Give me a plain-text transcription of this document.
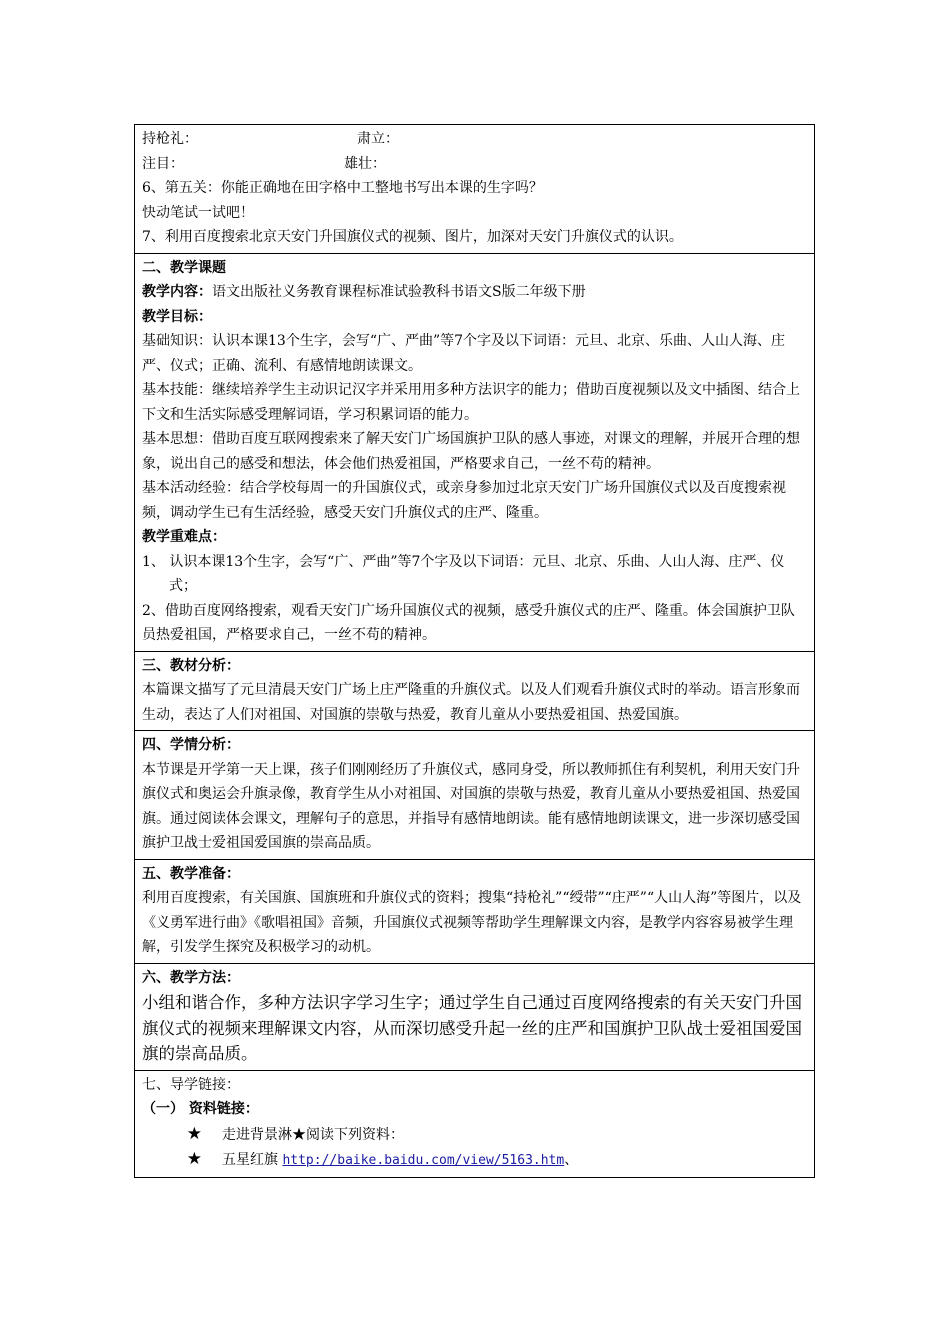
持枪礼：	肃立：
注目：	雄壮：
6、第五关：你能正确地在田字格中工整地书写出本课的生字吗？
快动笔试一试吧！
7、利用百度搜索北京天安门升国旗仪式的视频、图片，加深对天安门升旗仪式的认识。

二、教学课题
教学内容：语文出版社义务教育课程标准试验教科书语文S版二年级下册
教学目标：
基础知识：认识本课13个生字，会写“广、严曲”等7个字及以下词语：元旦、北京、乐曲、人山人海、庄严、仪式；正确、流利、有感情地朗读课文。
基本技能：继续培养学生主动识记汉字并采用用多种方法识字的能力；借助百度视频以及文中插图、结合上下文和生活实际感受理解词语，学习积累词语的能力。
基本思想：借助百度互联网搜索来了解天安门广场国旗护卫队的感人事迹，对课文的理解，并展开合理的想象，说出自己的感受和想法，体会他们热爱祖国，严格要求自己，一丝不苟的精神。
基本活动经验：结合学校每周一的升国旗仪式，或亲身参加过北京天安门广场升国旗仪式以及百度搜索视频，调动学生已有生活经验，感受天安门升旗仪式的庄严、隆重。
教学重难点：
1、 认识本课13个生字，会写“广、严曲”等7个字及以下词语：元旦、北京、乐曲、人山人海、庄严、仪式；
2、借助百度网络搜索，观看天安门广场升国旗仪式的视频，感受升旗仪式的庄严、隆重。体会国旗护卫队员热爱祖国，严格要求自己，一丝不苟的精神。

三、教材分析：
本篇课文描写了元旦清晨天安门广场上庄严隆重的升旗仪式。以及人们观看升旗仪式时的举动。语言形象而生动，表达了人们对祖国、对国旗的崇敬与热爱，教育儿童从小要热爱祖国、热爱国旗。

四、学情分析：
本节课是开学第一天上课，孩子们刚刚经历了升旗仪式，感同身受，所以教师抓住有利契机，利用天安门升旗仪式和奥运会升旗录像，教育学生从小对祖国、对国旗的崇敬与热爱，教育儿童从小要热爱祖国、热爱国旗。通过阅读体会课文，理解句子的意思，并指导有感情地朗读。能有感情地朗读课文，进一步深切感受国旗护卫战士爱祖国爱国旗的崇高品质。

五、教学准备：
利用百度搜索，有关国旗、国旗班和升旗仪式的资料；搜集“持枪礼”“绶带”“庄严”“人山人海”等图片，以及《义勇军进行曲》《歌唱祖国》音频，升国旗仪式视频等帮助学生理解课文内容，是教学内容容易被学生理解，引发学生探究及积极学习的动机。

六、教学方法：
小组和谐合作，多种方法识字学习生字；通过学生自己通过百度网络搜索的有关天安门升国旗仪式的视频来理解课文内容，从而深切感受升起一丝的庄严和国旗护卫队战士爱祖国爱国旗的崇高品质。

七、导学链接：
（一） 资料链接：
★ 走进背景淋★阅读下列资料：
★ 五星红旗 http://baike.baidu.com/view/5163.htm、
